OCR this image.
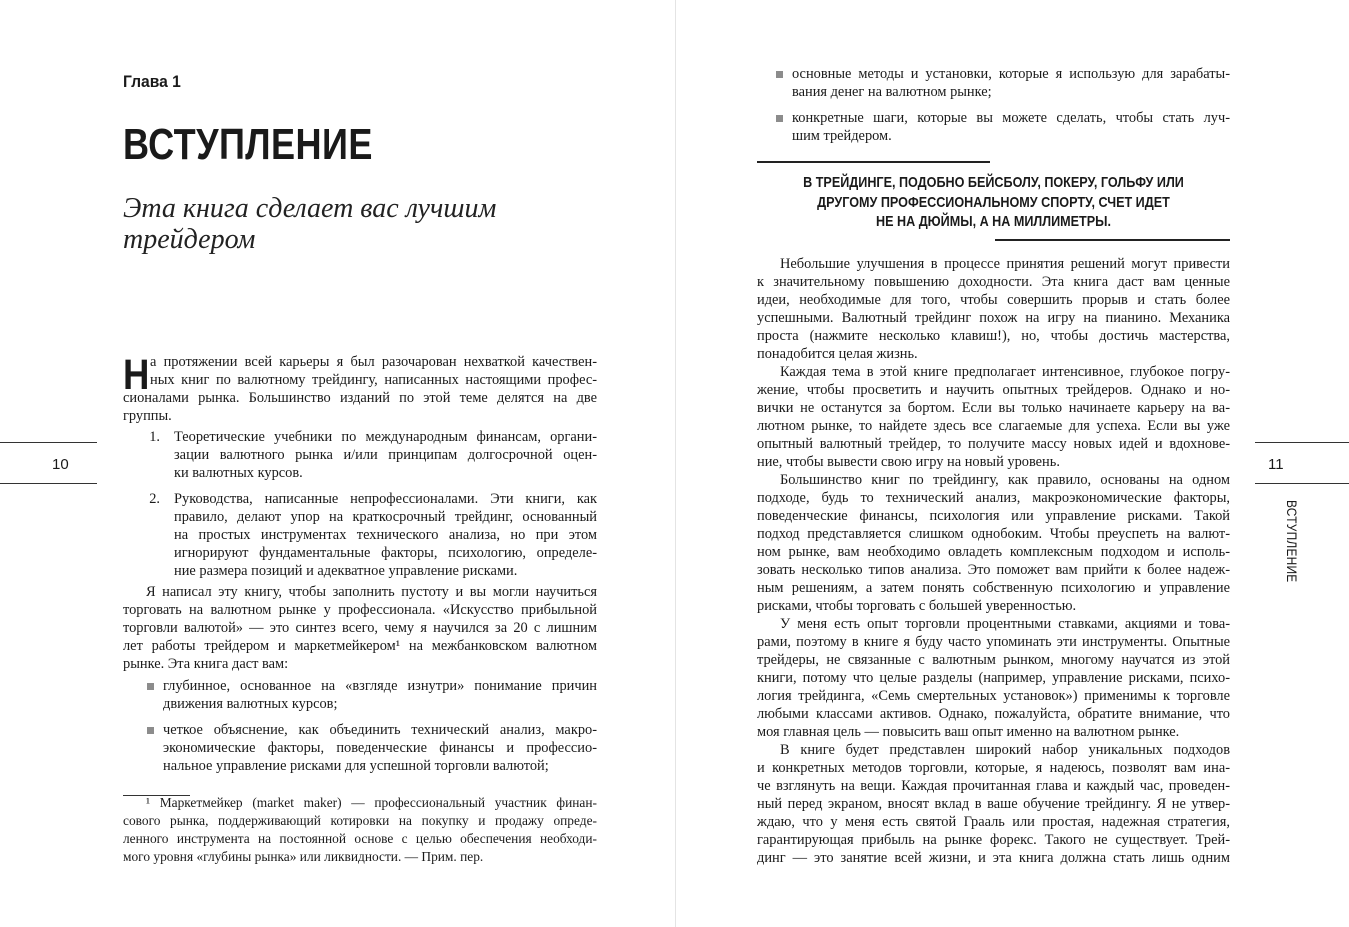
Глава 1
ВСТУПЛЕНИЕ
Эта книга сделает вас лучшим
трейдером
Н а протяжении всей карьеры я был разочарован нехваткой качествен-
ных книг по валютному трейдингу, написанных настоящими профес-
сионалами рынка. Большинство изданий по этой теме делятся на две
группы.
1. Теоретические учебники по международным финансам, органи-
зации валютного рынка и/или принципам долгосрочной оцен-
ки валютных курсов.
2. Руководства, написанные непрофессионалами. Эти книги, как
правило, делают упор на краткосрочный трейдинг, основанный
на простых инструментах технического анализа, но при этом
игнорируют фундаментальные факторы, психологию, определе-
ние размера позиций и адекватное управление рисками.
Я написал эту книгу, чтобы заполнить пустоту и вы могли научиться
торговать на валютном рынке у профессионала. «Искусство прибыльной
торговли валютой» — это синтез всего, чему я научился за 20 с лишним
лет работы трейдером и маркетмейкером¹ на межбанковском валютном
рынке. Эта книга даст вам:
глубинное, основанное на «взгляде изнутри» понимание причин
движения валютных курсов;
четкое объяснение, как объединить технический анализ, макро-
экономические факторы, поведенческие финансы и профессио-
нальное управление рисками для успешной торговли валютой;
¹ Маркетмейкер (market maker) — профессиональный участник финан-
сового рынка, поддерживающий котировки на покупку и продажу опреде-
ленного инструмента на постоянной основе с целью обеспечения необходи-
мого уровня «глубины рынка» или ликвидности. — Прим. пер.
10
основные методы и установки, которые я использую для зарабаты-
вания денег на валютном рынке;
конкретные шаги, которые вы можете сделать, чтобы стать луч-
шим трейдером.
В ТРЕЙДИНГЕ, ПОДОБНО БЕЙСБОЛУ, ПОКЕРУ, ГОЛЬФУ ИЛИ
ДРУГОМУ ПРОФЕССИОНАЛЬНОМУ СПОРТУ, СЧЕТ ИДЕТ
НЕ НА ДЮЙМЫ, А НА МИЛЛИМЕТРЫ.
Небольшие улучшения в процессе принятия решений могут привести
к значительному повышению доходности. Эта книга даст вам ценные
идеи, необходимые для того, чтобы совершить прорыв и стать более
успешными. Валютный трейдинг похож на игру на пианино. Механика
проста (нажмите несколько клавиш!), но, чтобы достичь мастерства,
понадобится целая жизнь.
Каждая тема в этой книге предполагает интенсивное, глубокое погру-
жение, чтобы просветить и научить опытных трейдеров. Однако и но-
вички не останутся за бортом. Если вы только начинаете карьеру на ва-
лютном рынке, то найдете здесь все слагаемые для успеха. Если вы уже
опытный валютный трейдер, то получите массу новых идей и вдохнове-
ние, чтобы вывести свою игру на новый уровень.
Большинство книг по трейдингу, как правило, основаны на одном
подходе, будь то технический анализ, макроэкономические факторы,
поведенческие финансы, психология или управление рисками. Такой
подход представляется слишком однобоким. Чтобы преуспеть на валют-
ном рынке, вам необходимо овладеть комплексным подходом и исполь-
зовать несколько типов анализа. Это поможет вам прийти к более надеж-
ным решениям, а затем понять собственную психологию и управление
рисками, чтобы торговать с большей уверенностью.
У меня есть опыт торговли процентными ставками, акциями и това-
рами, поэтому в книге я буду часто упоминать эти инструменты. Опытные
трейдеры, не связанные с валютным рынком, многому научатся из этой
книги, потому что целые разделы (например, управление рисками, психо-
логия трейдинга, «Семь смертельных установок») применимы к торговле
любыми классами активов. Однако, пожалуйста, обратите внимание, что
моя главная цель — повысить ваш опыт именно на валютном рынке.
В книге будет представлен широкий набор уникальных подходов
и конкретных методов торговли, которые, я надеюсь, позволят вам ина-
че взглянуть на вещи. Каждая прочитанная глава и каждый час, проведен-
ный перед экраном, вносят вклад в ваше обучение трейдингу. Я не утвер-
ждаю, что у меня есть святой Грааль или простая, надежная стратегия,
гарантирующая прибыль на рынке форекс. Такого не существует. Трей-
динг — это занятие всей жизни, и эта книга должна стать лишь одним
11
ВСТУПЛЕНИЕ
